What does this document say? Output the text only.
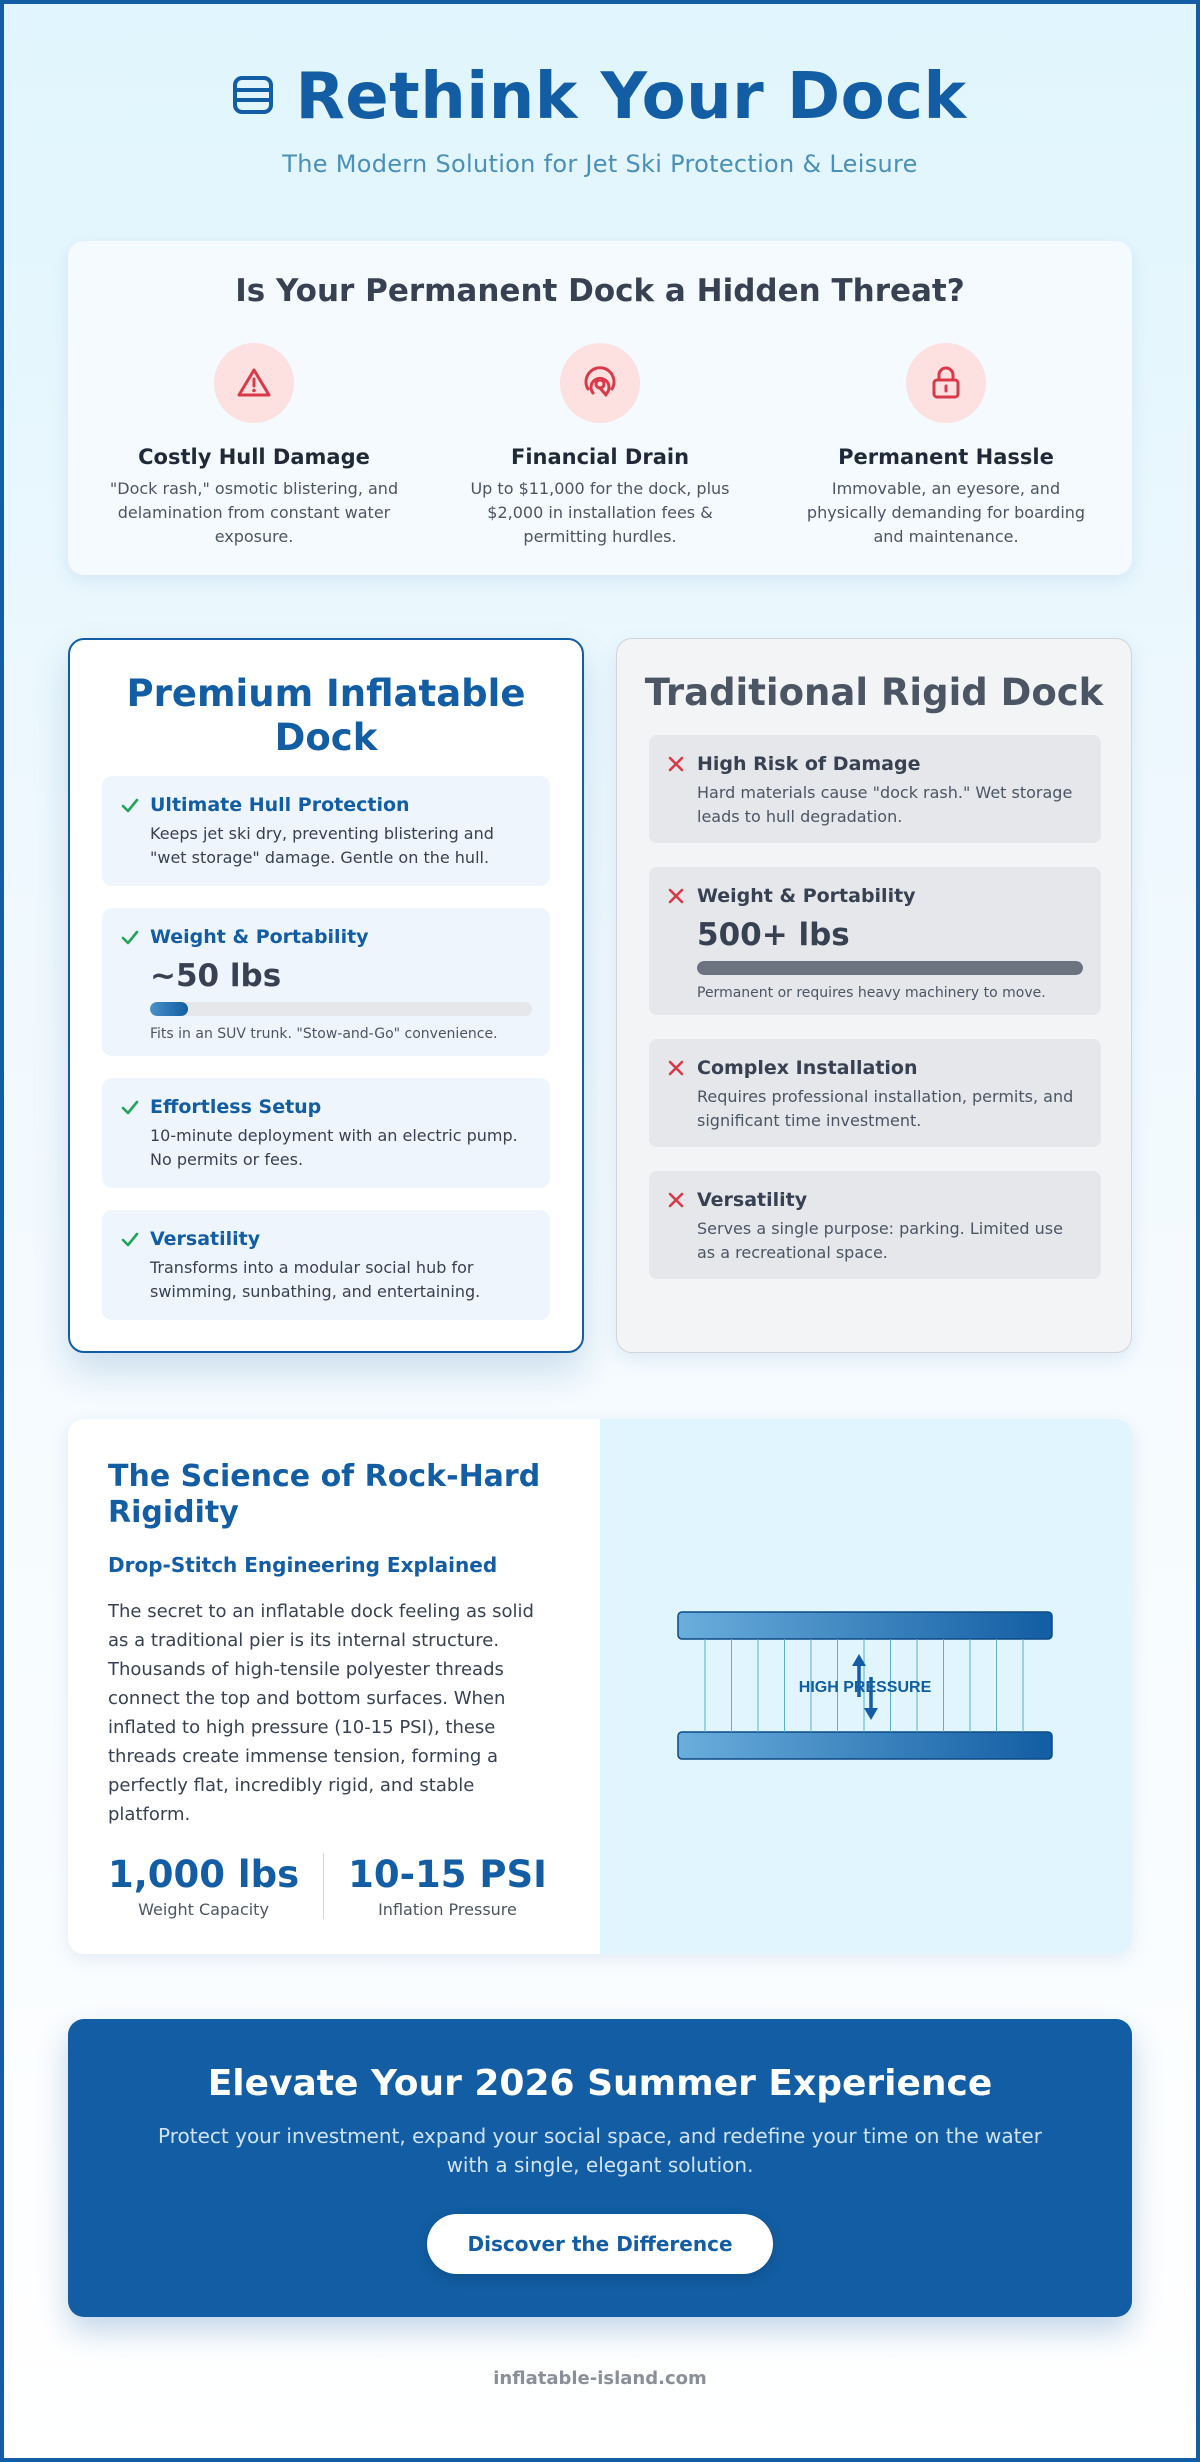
Rethink Your Dock
The Modern Solution for Jet Ski Protection & Leisure
Is Your Permanent Dock a Hidden Threat?
Costly Hull Damage

"Dock rash," osmotic blistering, and delamination from constant water exposure.

Financial Drain

Up to $11,000 for the dock, plus $2,000 in installation fees & permitting hurdles.

Permanent Hassle

Immovable, an eyesore, and physically demanding for boarding and maintenance.

Premium Inflatable Dock
Ultimate Hull Protection

Keeps jet ski dry, preventing blistering and "wet storage" damage. Gentle on the hull.

Weight & Portability
~50 lbs
Fits in an SUV trunk. "Stow-and-Go" convenience.
Effortless Setup

10-minute deployment with an electric pump. No permits or fees.

Versatility

Transforms into a modular social hub for swimming, sunbathing, and entertaining.

Traditional Rigid Dock
High Risk of Damage

Hard materials cause "dock rash." Wet storage leads to hull degradation.

Weight & Portability
500+ lbs
Permanent or requires heavy machinery to move.
Complex Installation

Requires professional installation, permits, and significant time investment.

Versatility

Serves a single purpose: parking. Limited use as a recreational space.

The Science of Rock-Hard Rigidity
Drop-Stitch Engineering Explained

The secret to an inflatable dock feeling as solid as a traditional pier is its internal structure. Thousands of high-tensile polyester threads connect the top and bottom surfaces. When inflated to high pressure (10-15 PSI), these threads create immense tension, forming a perfectly flat, incredibly rigid, and stable platform.

1,000 lbs
Weight Capacity
10-15 PSI
Inflation Pressure
HIGH PRESSURE
Elevate Your 2026 Summer Experience

Protect your investment, expand your social space, and redefine your time on the water with a single, elegant solution.

Discover the Difference
inflatable-island.com
